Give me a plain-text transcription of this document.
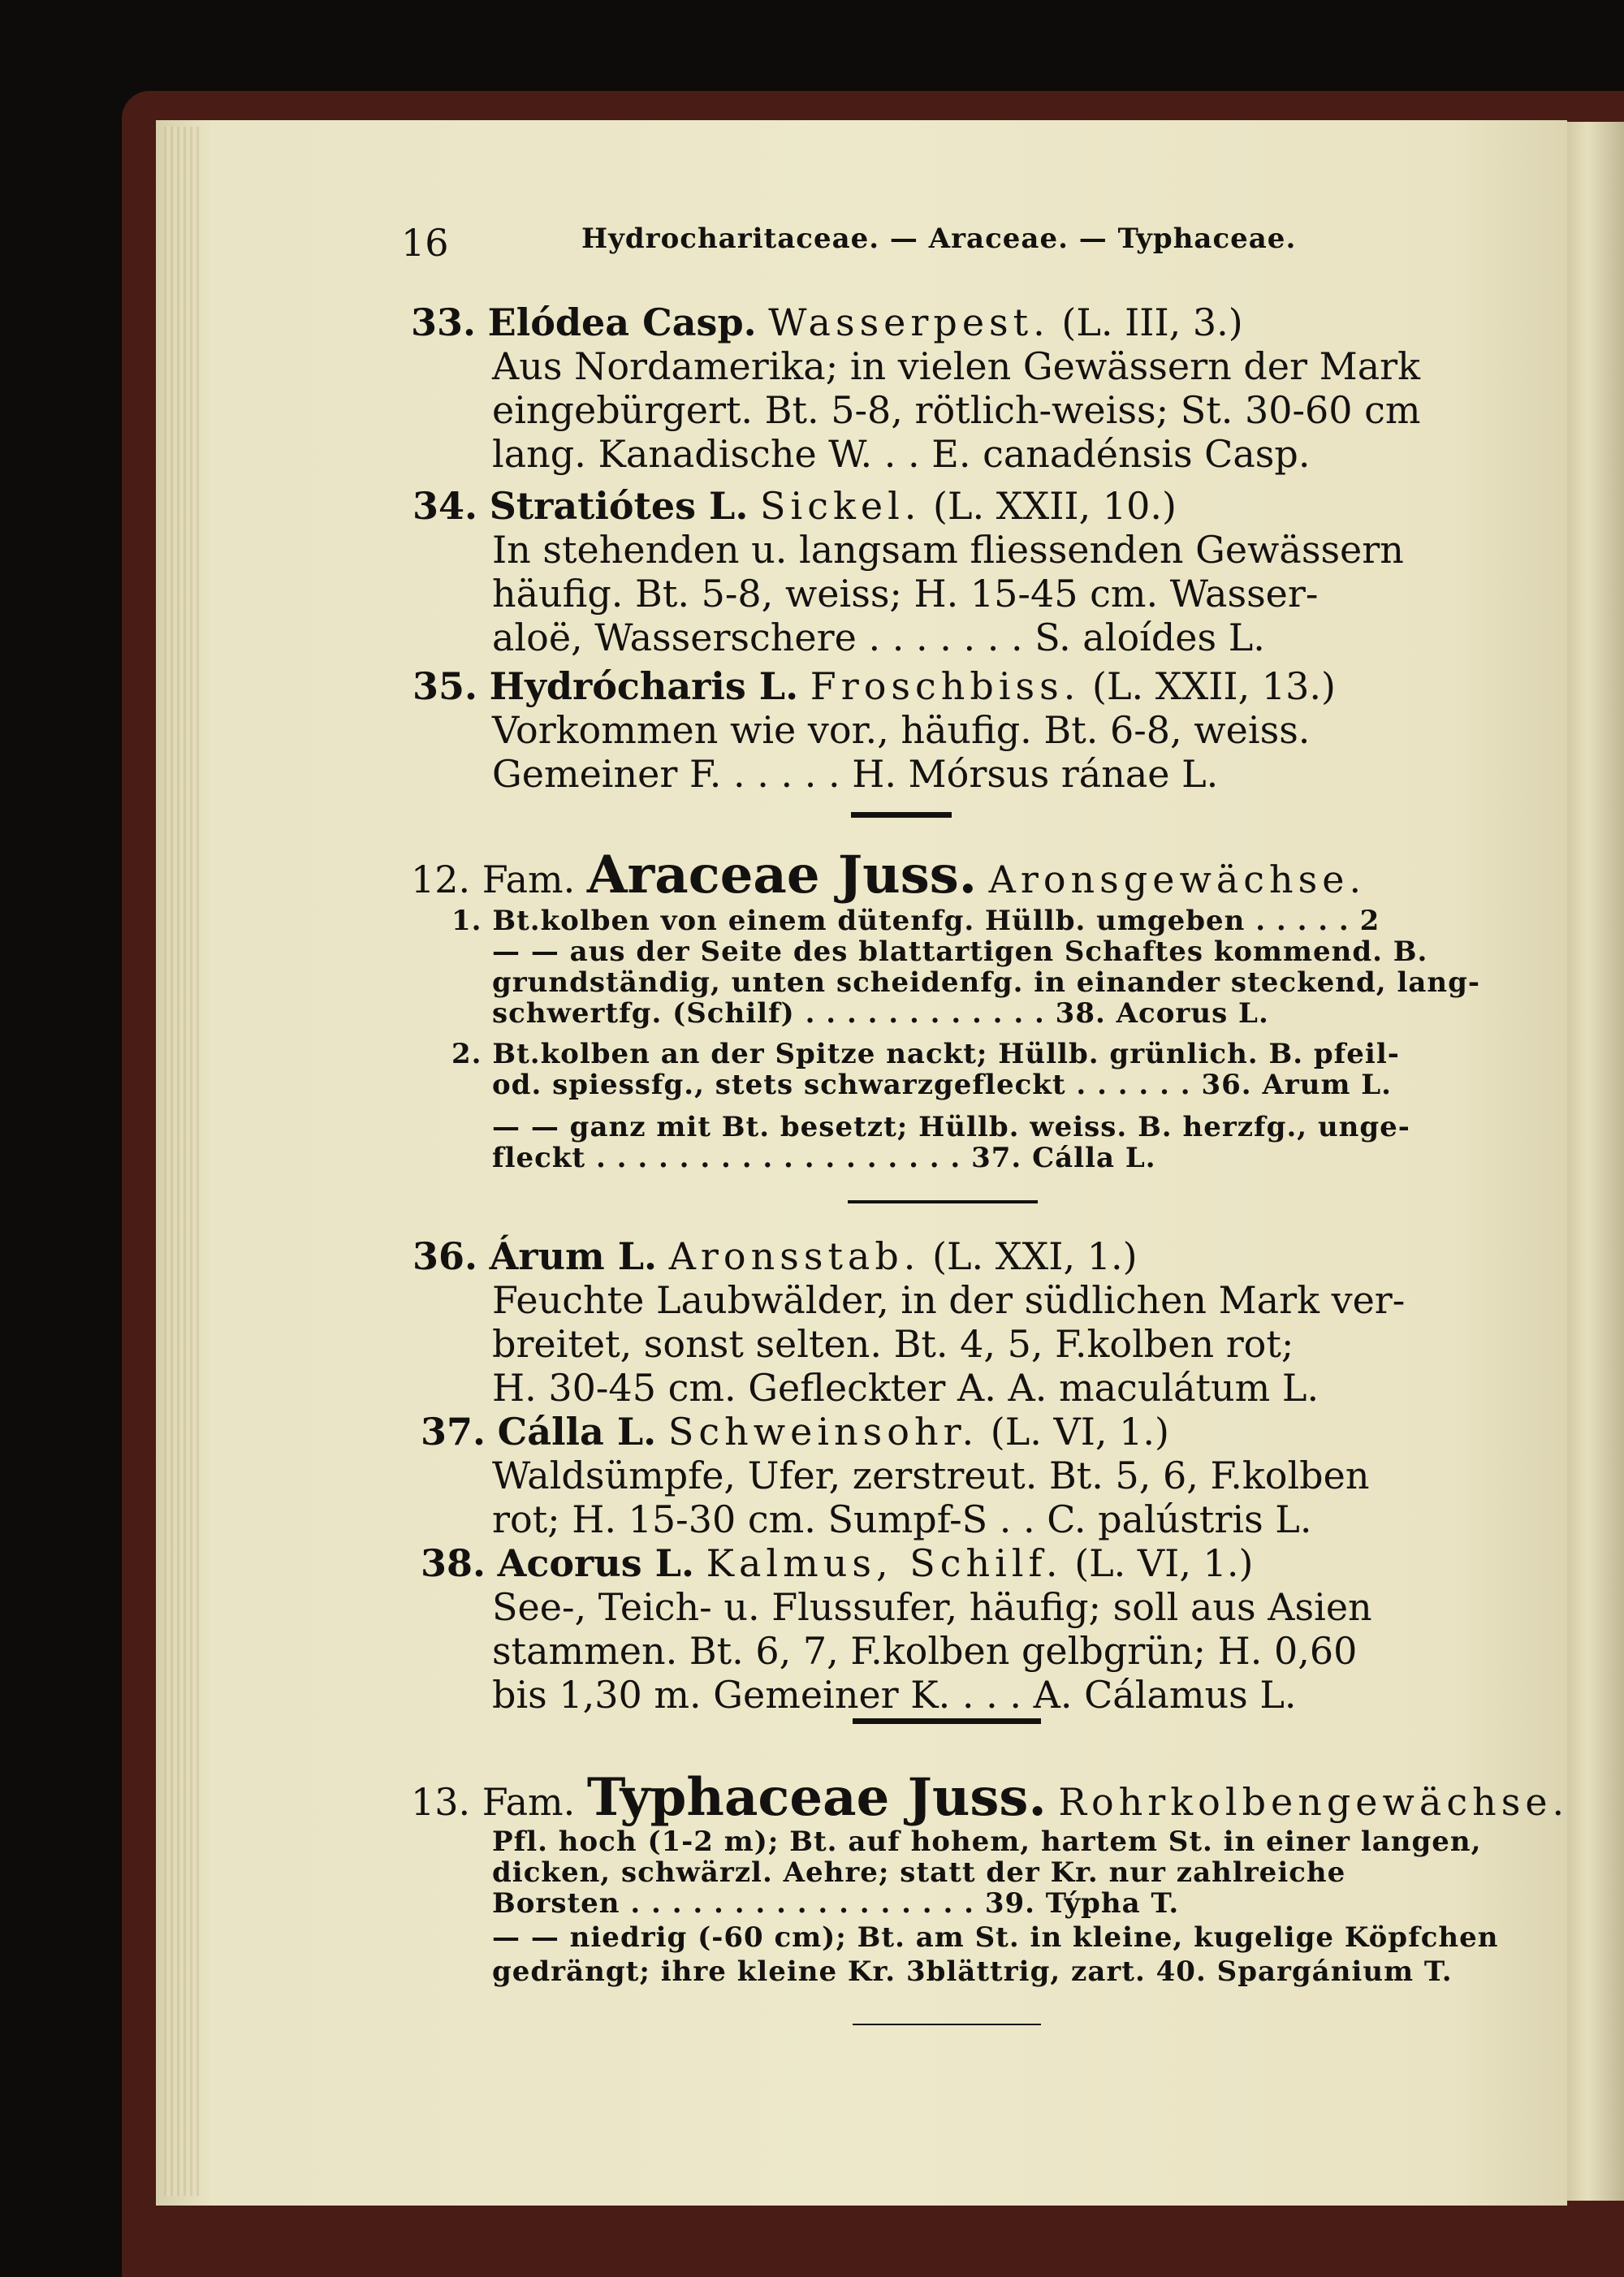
16	Hydrocharitaceae. — Araceae. — Typhaceae.
33. Elódea Casp. Wasserpest. (L. III, 3.)
Aus Nordamerika; in vielen Gewässern der Mark
eingebürgert. Bt. 5-8, rötlich-weiss; St. 30-60 cm
lang. Kanadische W. . . E. canadénsis Casp.
34. Stratiótes L. Sickel. (L. XXII, 10.)
In stehenden u. langsam fliessenden Gewässern
häufig. Bt. 5-8, weiss; H. 15-45 cm. Wasser-
aloë, Wasserschere . . . . . . . S. aloídes L.
35. Hydrócharis L. Froschbiss. (L. XXII, 13.)
Vorkommen wie vor., häufig. Bt. 6-8, weiss.
Gemeiner F. . . . . . H. Mórsus ránae L.
12. Fam. Araceae Juss. Aronsgewächse.
1. Bt.kolben von einem dütenfg. Hüllb. umgeben . . . . . 2
— — aus der Seite des blattartigen Schaftes kommend. B.
grundständig, unten scheidenfg. in einander steckend, lang-
schwertfg. (Schilf) . . . . . . . . . . . . 38. Acorus L.
2. Bt.kolben an der Spitze nackt; Hüllb. grünlich. B. pfeil-
od. spiessfg., stets schwarzgefleckt . . . . . . 36. Arum L.
— — ganz mit Bt. besetzt; Hüllb. weiss. B. herzfg., unge-
fleckt . . . . . . . . . . . . . . . . . . 37. Cálla L.
36. Árum L. Aronsstab. (L. XXI, 1.)
Feuchte Laubwälder, in der südlichen Mark ver-
breitet, sonst selten. Bt. 4, 5, F.kolben rot;
H. 30-45 cm. Gefleckter A. A. maculátum L.
37. Cálla L. Schweinsohr. (L. VI, 1.)
Waldsümpfe, Ufer, zerstreut. Bt. 5, 6, F.kolben
rot; H. 15-30 cm. Sumpf-S . . C. palústris L.
38. Acorus L. Kalmus, Schilf. (L. VI, 1.)
See-, Teich- u. Flussufer, häufig; soll aus Asien
stammen. Bt. 6, 7, F.kolben gelbgrün; H. 0,60
bis 1,30 m. Gemeiner K. . . . A. Cálamus L.
13. Fam. Typhaceae Juss. Rohrkolbengewächse.
Pfl. hoch (1-2 m); Bt. auf hohem, hartem St. in einer langen,
dicken, schwärzl. Aehre; statt der Kr. nur zahlreiche
Borsten . . . . . . . . . . . . . . . . . 39. Týpha T.
— — niedrig (-60 cm); Bt. am St. in kleine, kugelige Köpfchen
gedrängt; ihre kleine Kr. 3blättrig, zart. 40. Spargánium T.
